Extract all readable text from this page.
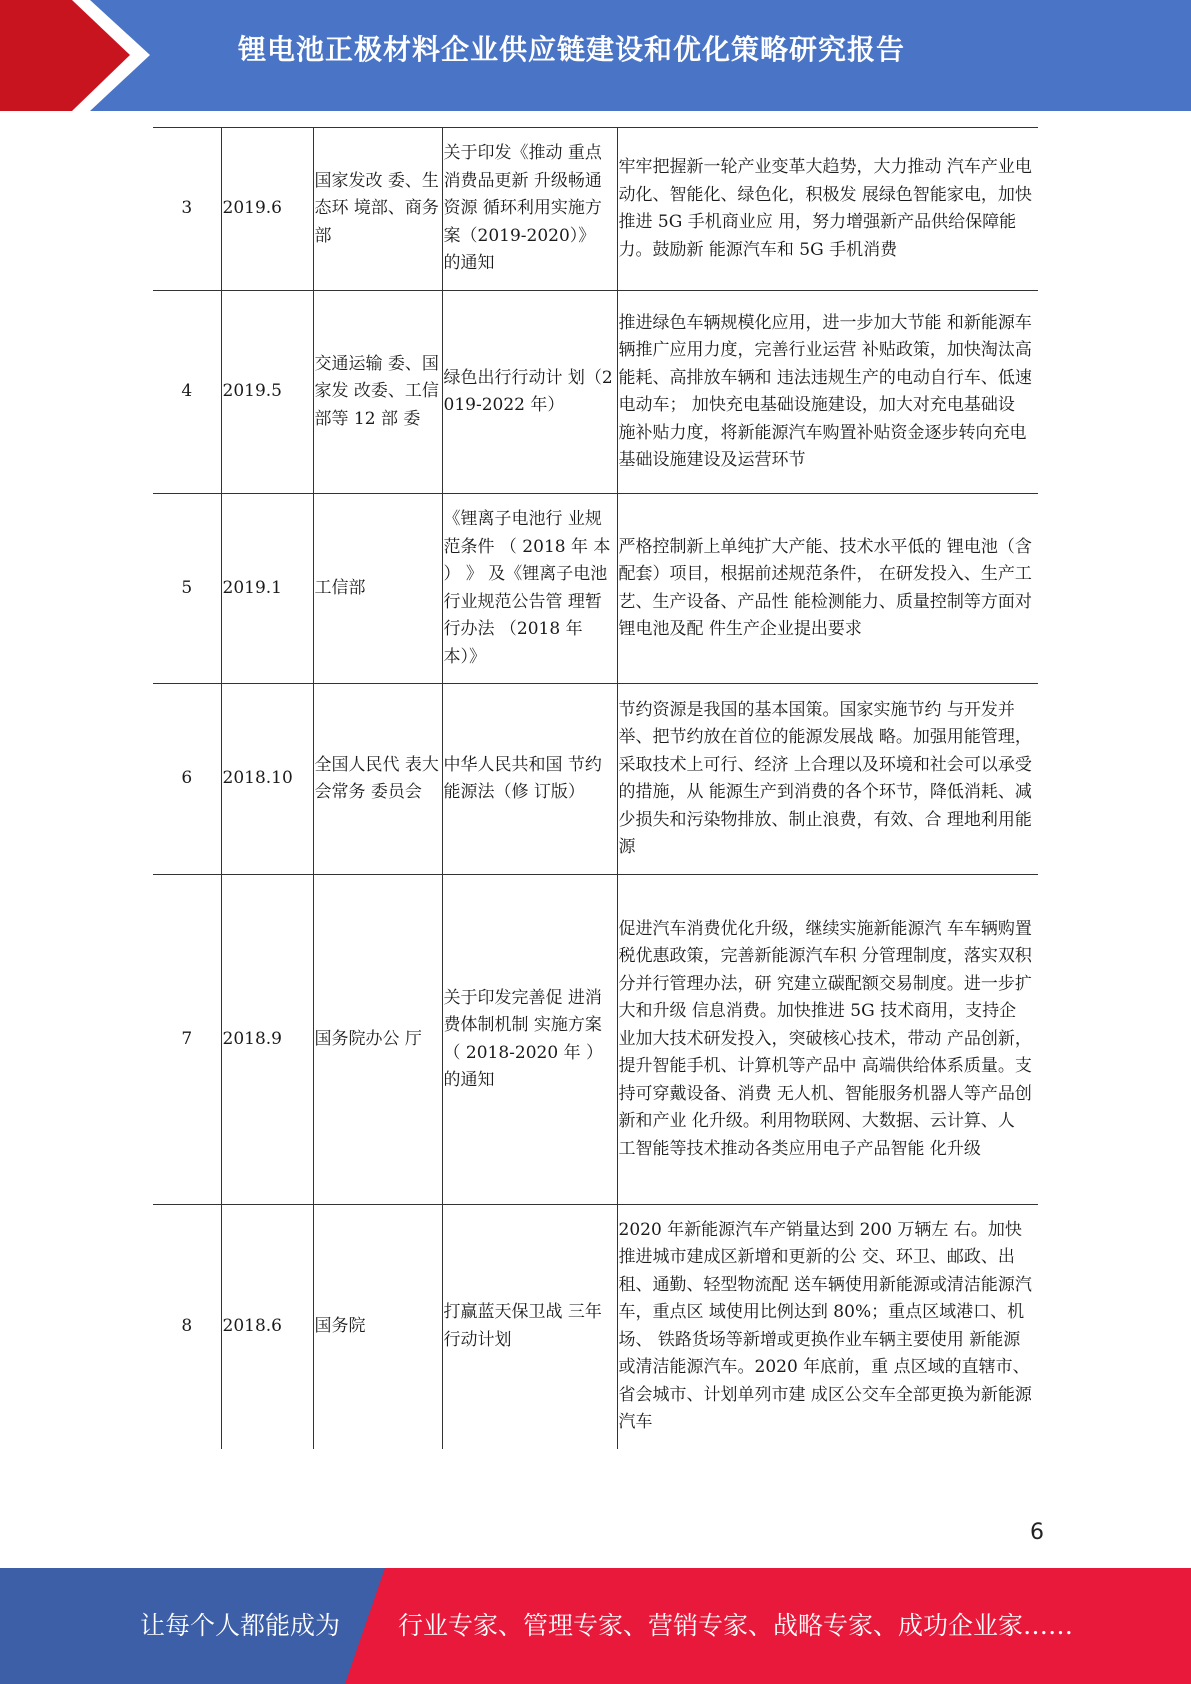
锂电池正极材料企业供应链建设和优化策略研究报告
3	2019.6	国家发改 委、生态环 境部、商务 部	关于印发《推动 重点消费品更新 升级畅通资源 循环利用实施方 案（2019-2020）》 的通知	牢牢把握新一轮产业变革大趋势，大力推动 汽车产业电动化、智能化、绿色化，积极发 展绿色智能家电，加快推进 5G 手机商业应 用，努力增强新产品供给保障能力。鼓励新 能源汽车和 5G 手机消费
4	2019.5	交通运输 委、国家发 改委、工信 部等 12 部 委	绿色出行行动计 划（2019-2022 年）	推进绿色车辆规模化应用，进一步加大节能 和新能源车辆推广应用力度，完善行业运营 补贴政策，加快淘汰高能耗、高排放车辆和 违法违规生产的电动自行车、低速电动车； 加快充电基础设施建设，加大对充电基础设 施补贴力度，将新能源汽车购置补贴资金逐步转向充电基础设施建设及运营环节
5	2019.1	工信部	《锂离子电池行 业规范条件 （ 2018 年 本 ） 》 及《锂离子电池 行业规范公告管 理暂行办法 （2018 年本）》	严格控制新上单纯扩大产能、技术水平低的 锂电池（含配套）项目，根据前述规范条件， 在研发投入、生产工艺、生产设备、产品性 能检测能力、质量控制等方面对锂电池及配 件生产企业提出要求
6	2018.10	全国人民代 表大会常务 委员会	中华人民共和国 节约能源法（修 订版）	节约资源是我国的基本国策。国家实施节约 与开发并举、把节约放在首位的能源发展战 略。加强用能管理，采取技术上可行、经济 上合理以及环境和社会可以承受的措施，从 能源生产到消费的各个环节，降低消耗、减 少损失和污染物排放、制止浪费，有效、合 理地利用能源
7	2018.9	国务院办公 厅	关于印发完善促 进消费体制机制 实施方案 （ 2018-2020 年 ） 的通知	促进汽车消费优化升级，继续实施新能源汽 车车辆购置税优惠政策，完善新能源汽车积 分管理制度，落实双积分并行管理办法，研 究建立碳配额交易制度。进一步扩大和升级 信息消费。加快推进 5G 技术商用，支持企 业加大技术研发投入，突破核心技术，带动 产品创新，提升智能手机、计算机等产品中 高端供给体系质量。支持可穿戴设备、消费 无人机、智能服务机器人等产品创新和产业 化升级。利用物联网、大数据、云计算、人 工智能等技术推动各类应用电子产品智能 化升级
8	2018.6	国务院	打赢蓝天保卫战 三年行动计划	2020 年新能源汽车产销量达到 200 万辆左 右。加快推进城市建成区新增和更新的公 交、环卫、邮政、出租、通勤、轻型物流配 送车辆使用新能源或清洁能源汽车，重点区 域使用比例达到 80%；重点区域港口、机场、 铁路货场等新增或更换作业车辆主要使用 新能源或清洁能源汽车。2020 年底前，重 点区域的直辖市、省会城市、计划单列市建 成区公交车全部更换为新能源汽车
6
让每个人都能成为 行业专家、管理专家、营销专家、战略专家、成功企业家……
